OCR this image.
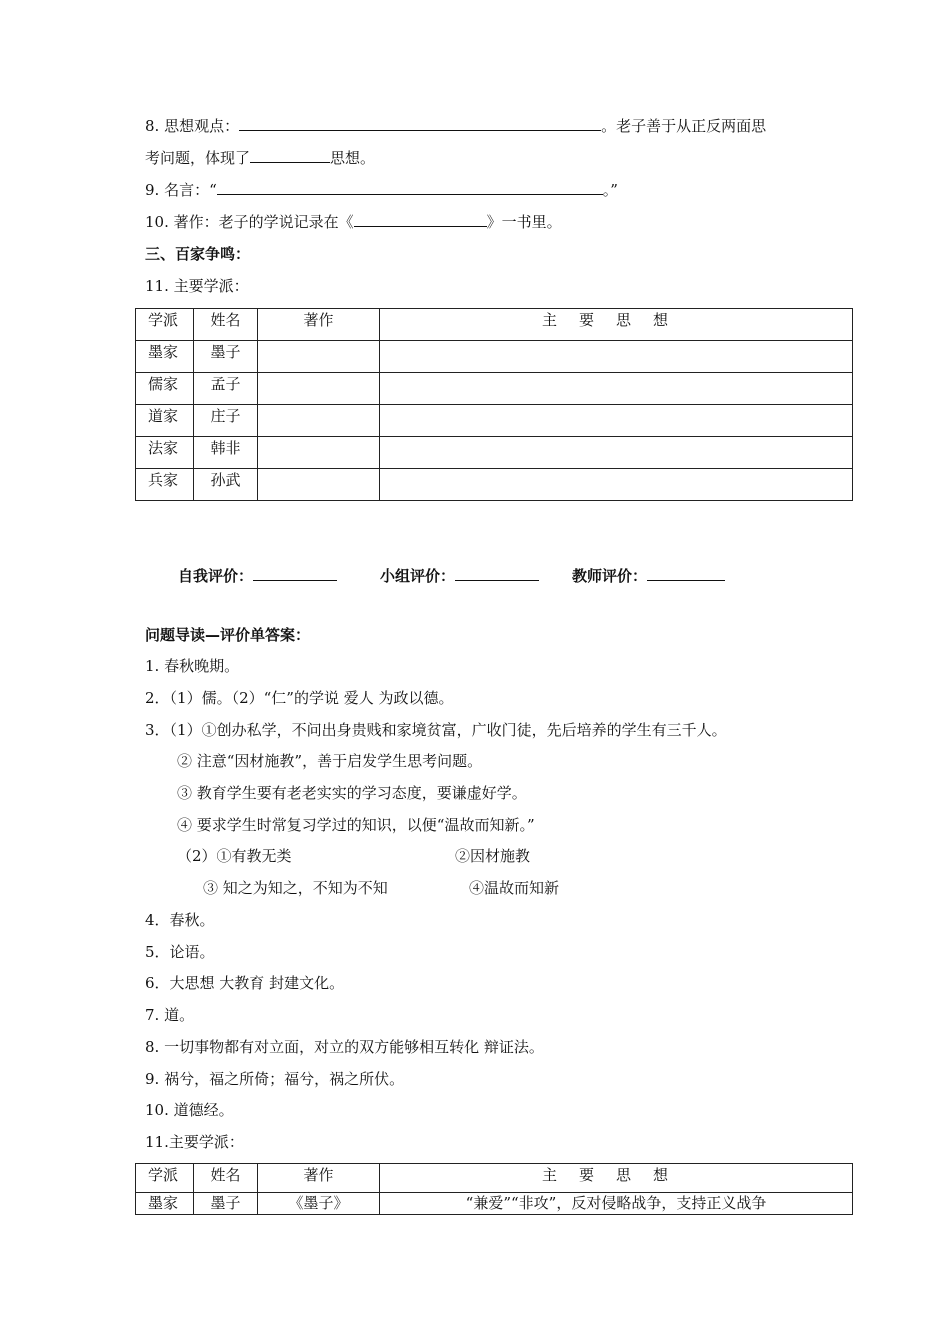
8. 思想观点：	。老子善于从正反两面思
考问题，体现了	思想。
9. 名言：“	。”
10. 著作：老子的学说记录在《	》一书里。
三、百家争鸣：
11. 主要学派：
学派	姓名	著作	主要思想
墨家	墨子		
儒家	孟子		
道家	庄子		
法家	韩非		
兵家	孙武		
自我评价：	小组评价：	教师评价：
问题导读—评价单答案：
1. 春秋晚期。
2．（1）儒。（2）“仁”的学说 爱人 为政以德。
3．（1）①创办私学，不问出身贵贱和家境贫富，广收门徒，先后培养的学生有三千人。
② 注意“因材施教”，善于启发学生思考问题。
③ 教育学生要有老老实实的学习态度，要谦虚好学。
④ 要求学生时常复习学过的知识，以便“温故而知新。”
（2）①有教无类	②因材施教
③ 知之为知之，不知为不知	④温故而知新
4．春秋。
5．论语。
6．大思想 大教育 封建文化。
7. 道。
8. 一切事物都有对立面，对立的双方能够相互转化 辩证法。
9. 祸兮，福之所倚；福兮，祸之所伏。
10. 道德经。
11.主要学派：
学派	姓名	著作	主要思想
墨家	墨子	《墨子》	“兼爱”“非攻”，反对侵略战争，支持正义战争
